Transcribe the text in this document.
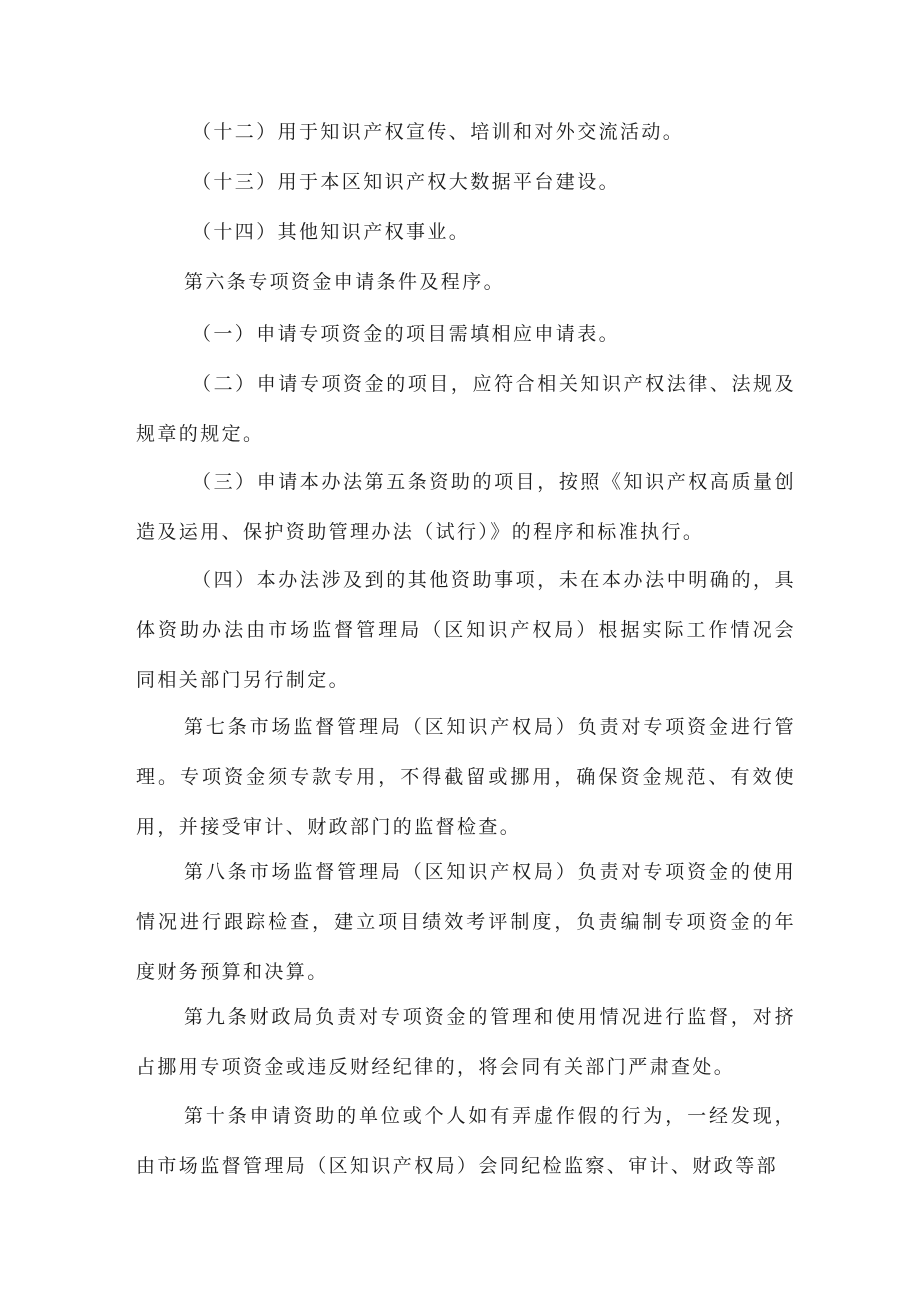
（十二）用于知识产权宣传、培训和对外交流活动。

（十三）用于本区知识产权大数据平台建设。

（十四）其他知识产权事业。

第六条专项资金申请条件及程序。

（一）申请专项资金的项目需填相应申请表。

（二）申请专项资金的项目，应符合相关知识产权法律、法规及规章的规定。

（三）申请本办法第五条资助的项目，按照《知识产权高质量创造及运用、保护资助管理办法（试行）》的程序和标准执行。

（四）本办法涉及到的其他资助事项，未在本办法中明确的，具体资助办法由市场监督管理局（区知识产权局）根据实际工作情况会同相关部门另行制定。

第七条市场监督管理局（区知识产权局）负责对专项资金进行管理。专项资金须专款专用，不得截留或挪用，确保资金规范、有效使用，并接受审计、财政部门的监督检查。

第八条市场监督管理局（区知识产权局）负责对专项资金的使用情况进行跟踪检查，建立项目绩效考评制度，负责编制专项资金的年度财务预算和决算。

第九条财政局负责对专项资金的管理和使用情况进行监督，对挤占挪用专项资金或违反财经纪律的，将会同有关部门严肃查处。

第十条申请资助的单位或个人如有弄虚作假的行为，一经发现，由市场监督管理局（区知识产权局）会同纪检监察、审计、财政等部
